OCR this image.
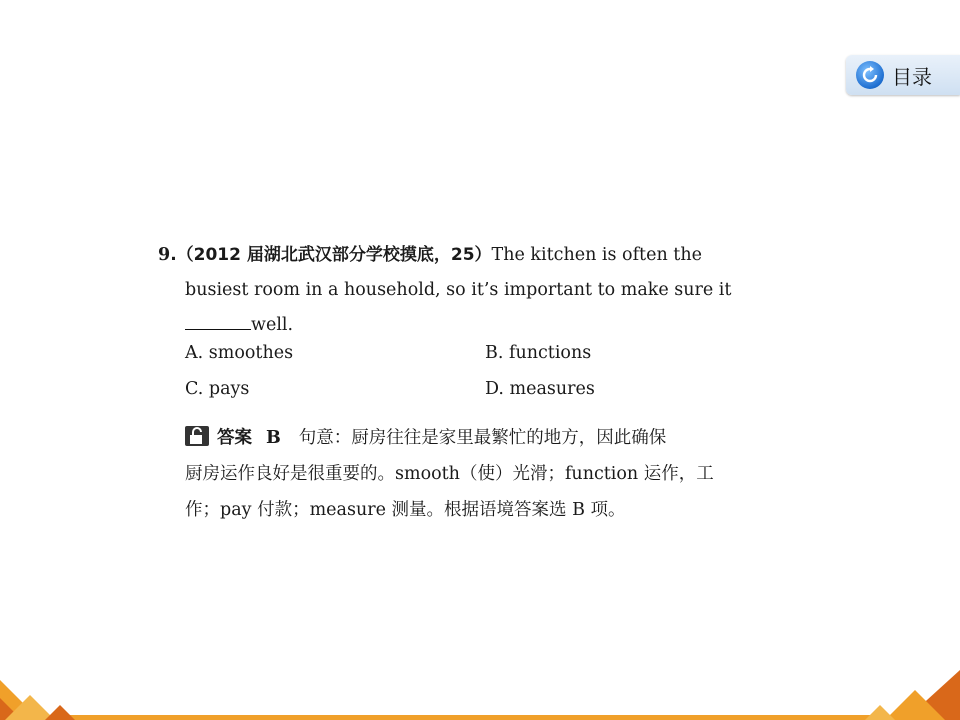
目录
9.（2012 届湖北武汉部分学校摸底，25）The kitchen is often the
busiest room in a household, so it’s important to make sure it
well.
A. smoothes	B. functions
C. pays	D. measures
答案 B 句意：厨房往往是家里最繁忙的地方，因此确保
厨房运作良好是很重要的。smooth（使）光滑；function 运作，工
作；pay 付款；measure 测量。根据语境答案选 B 项。
